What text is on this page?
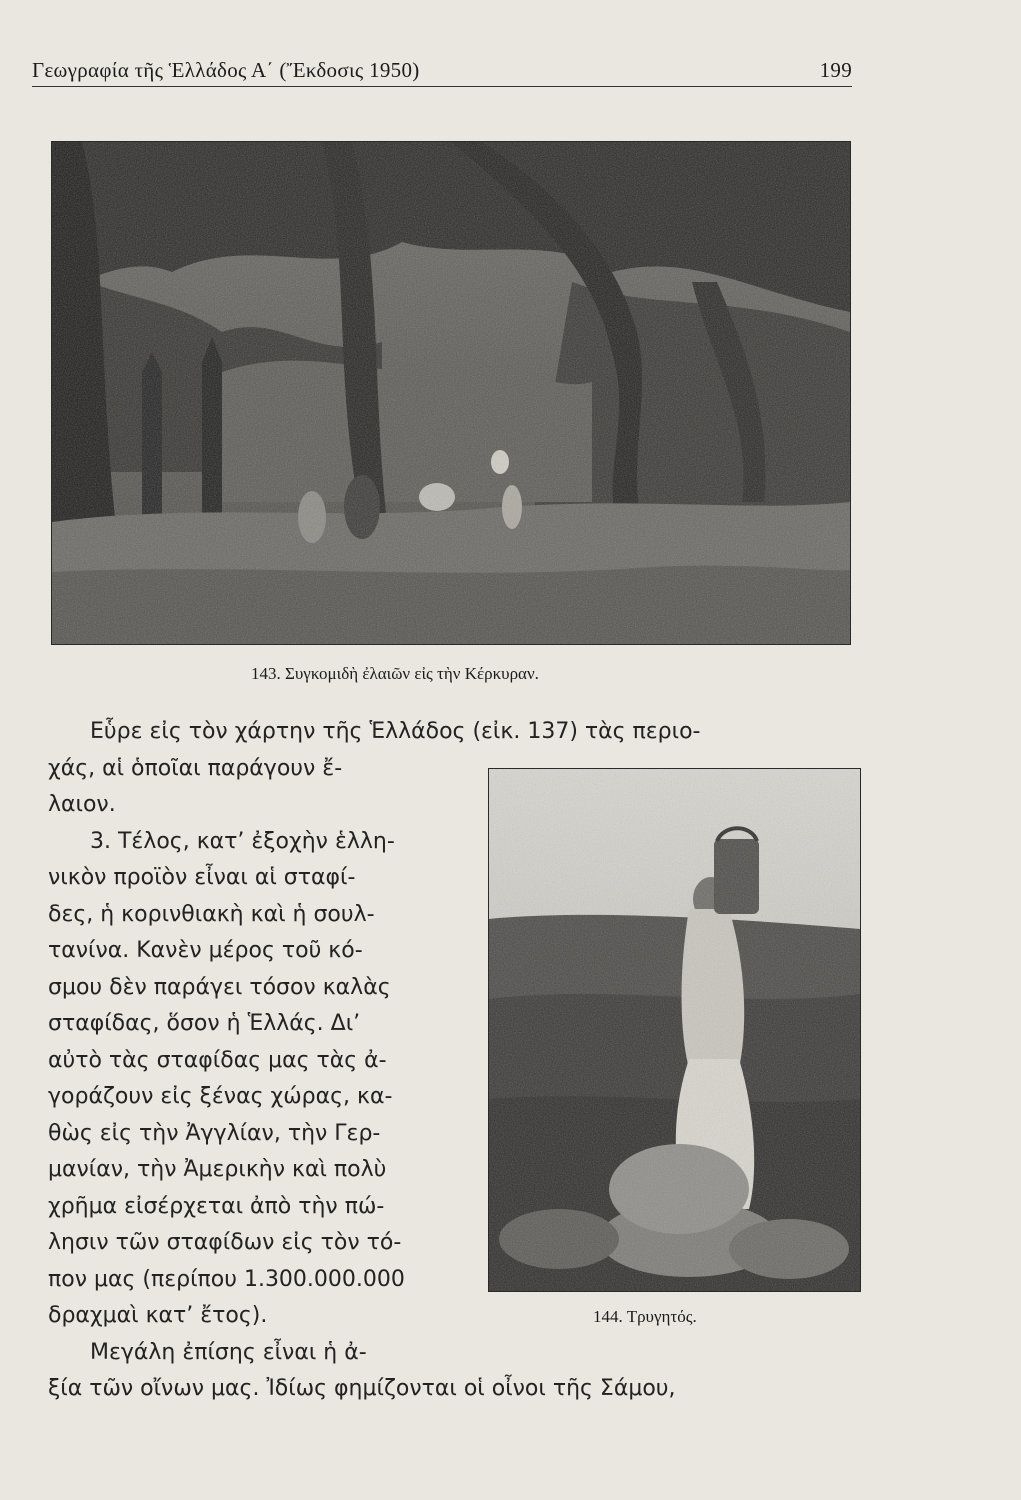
Γεωγραφία τῆς Ἑλλάδος Α΄ (Ἔκδοσις 1950)	199
143. Συγκομιδὴ ἐλαιῶν εἰς τὴν Κέρκυραν.
144. Τρυγητός.
Εὗρε εἰς τὸν χάρτην τῆς Ἑλλάδος (εἰκ. 137) τὰς περιο-
χάς, αἱ ὁποῖαι παράγουν ἔ-
λαιον.
3. Τέλος, κατ’ ἐξοχὴν ἑλλη-
νικὸν προϊὸν εἶναι αἱ σταφί-
δες, ἡ κορινθιακὴ καὶ ἡ σουλ-
τανίνα. Κανὲν μέρος τοῦ κό-
σμου δὲν παράγει τόσον καλὰς
σταφίδας, ὅσον ἡ Ἑλλάς. Δι’
αὐτὸ τὰς σταφίδας μας τὰς ἀ-
γοράζουν εἰς ξένας χώρας, κα-
θὼς εἰς τὴν Ἀγγλίαν, τὴν Γερ-
μανίαν, τὴν Ἀμερικὴν καὶ πολὺ
χρῆμα εἰσέρχεται ἀπὸ τὴν πώ-
λησιν τῶν σταφίδων εἰς τὸν τό-
πον μας (περίπου 1.300.000.000
δραχμαὶ κατ’ ἔτος).
Μεγάλη ἐπίσης εἶναι ἡ ἀ-
ξία τῶν οἴνων μας. Ἰδίως φημίζονται οἱ οἶνοι τῆς Σάμου,
